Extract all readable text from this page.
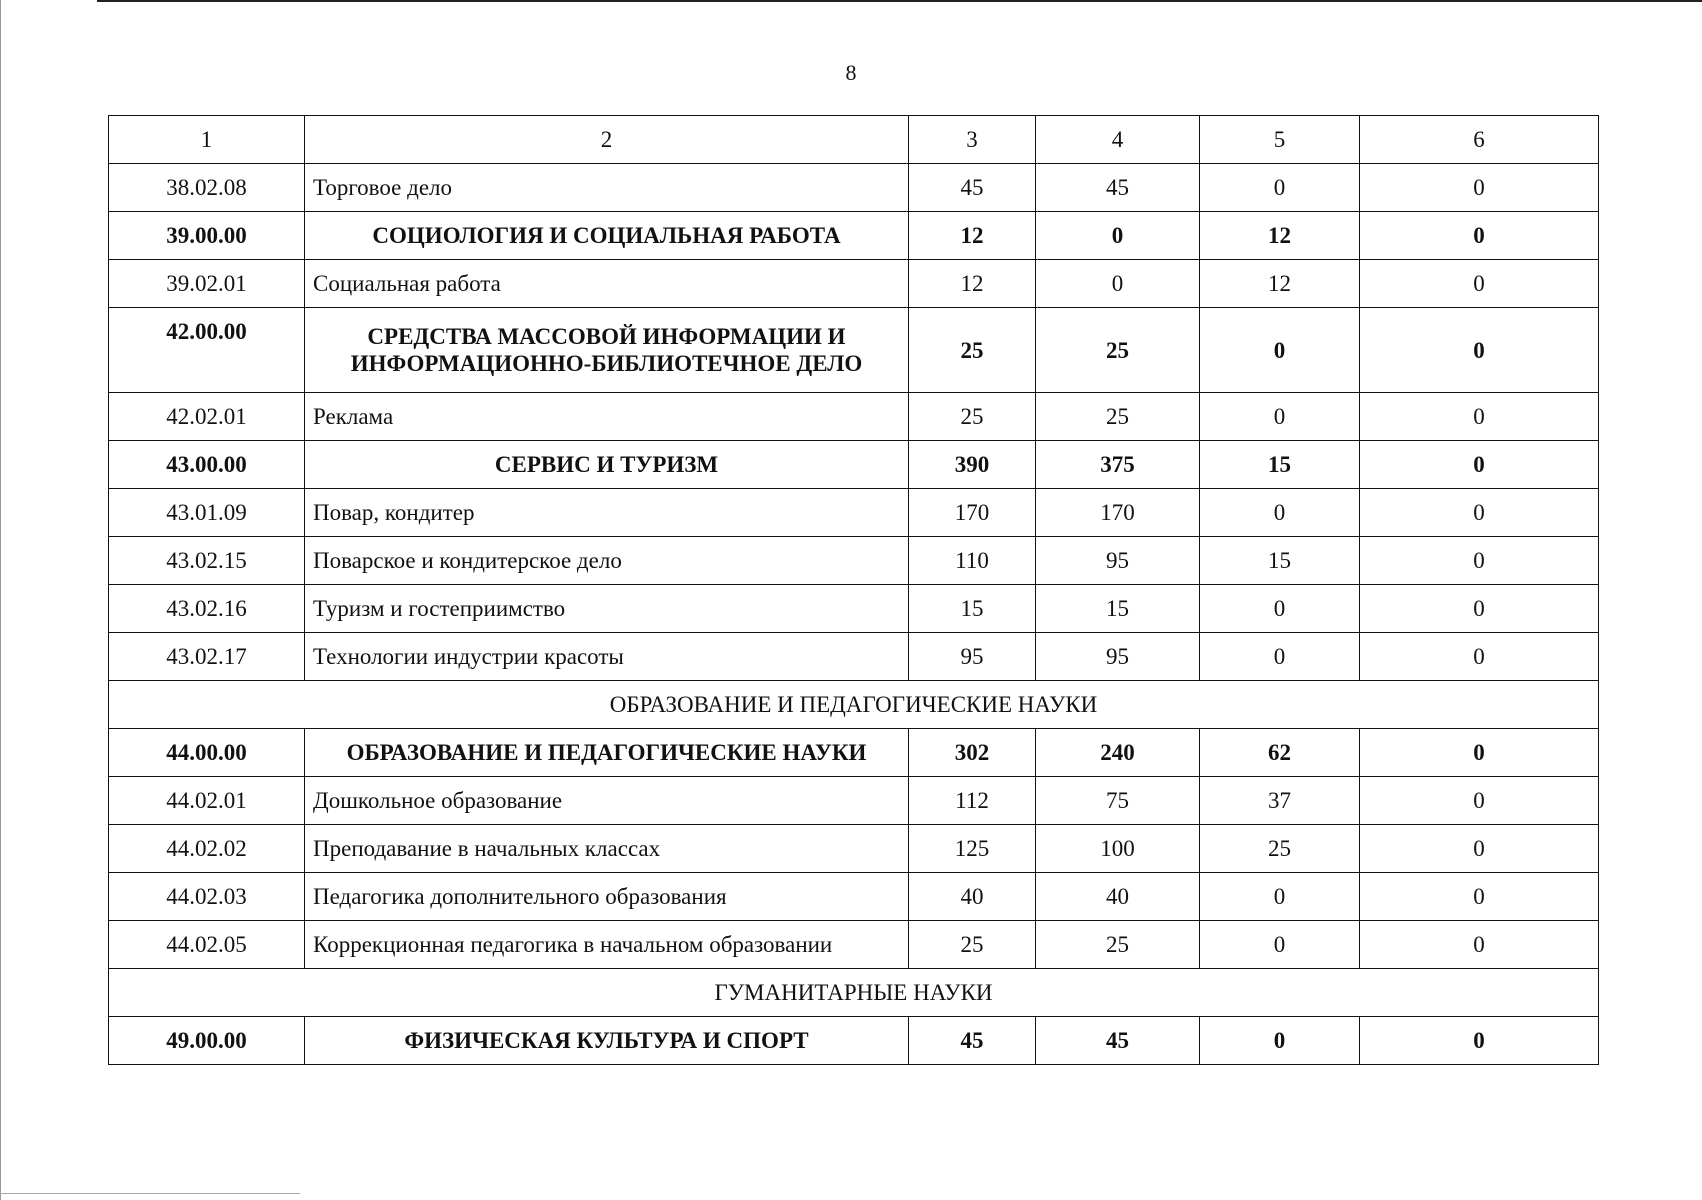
8
1	2	3	4	5	6
38.02.08	Торговое дело	45	45	0	0
39.00.00	СОЦИОЛОГИЯ И СОЦИАЛЬНАЯ РАБОТА	12	0	12	0
39.02.01	Социальная работа	12	0	12	0
42.00.00	СРЕДСТВА МАССОВОЙ ИНФОРМАЦИИ И ИНФОРМАЦИОННО-БИБЛИОТЕЧНОЕ ДЕЛО	25	25	0	0
42.02.01	Реклама	25	25	0	0
43.00.00	СЕРВИС И ТУРИЗМ	390	375	15	0
43.01.09	Повар, кондитер	170	170	0	0
43.02.15	Поварское и кондитерское дело	110	95	15	0
43.02.16	Туризм и гостеприимство	15	15	0	0
43.02.17	Технологии индустрии красоты	95	95	0	0
ОБРАЗОВАНИЕ И ПЕДАГОГИЧЕСКИЕ НАУКИ					
44.00.00	ОБРАЗОВАНИЕ И ПЕДАГОГИЧЕСКИЕ НАУКИ	302	240	62	0
44.02.01	Дошкольное образование	112	75	37	0
44.02.02	Преподавание в начальных классах	125	100	25	0
44.02.03	Педагогика дополнительного образования	40	40	0	0
44.02.05	Коррекционная педагогика в начальном образовании	25	25	0	0
ГУМАНИТАРНЫЕ НАУКИ					
49.00.00	ФИЗИЧЕСКАЯ КУЛЬТУРА И СПОРТ	45	45	0	0
